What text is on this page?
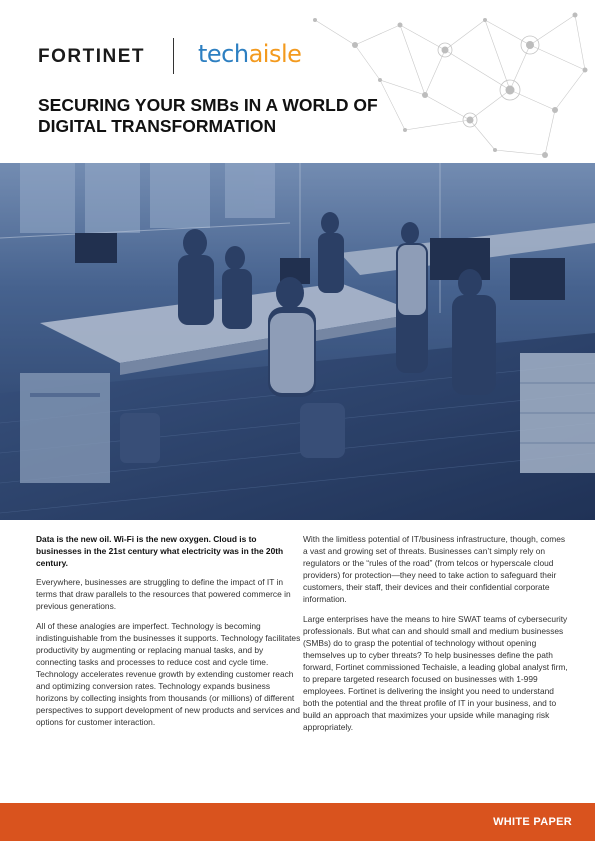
FORTINET techaisle
SECURING YOUR SMBs IN A WORLD OF
DIGITAL TRANSFORMATION

Data is the new oil. Wi-Fi is the new oxygen. Cloud is to businesses in the 21st century what electricity was in the 20th century.

Everywhere, businesses are struggling to define the impact of IT in terms that draw parallels to the resources that powered commerce in previous generations.

All of these analogies are imperfect. Technology is becoming indistinguishable from the businesses it supports. Technology facilitates productivity by augmenting or replacing manual tasks, and by connecting tasks and processes to reduce cost and cycle time. Technology accelerates revenue growth by extending customer reach and optimizing conversion rates. Technology expands business horizons by collecting insights from thousands (or millions) of different perspectives to support development of new products and services and options for customer interaction.

With the limitless potential of IT/business infrastructure, though, comes a vast and growing set of threats. Businesses can’t simply rely on regulators or the “rules of the road” (from telcos or hyperscale cloud providers) for protection—they need to take action to safeguard their customers, their staff, their devices and their confidential corporate information.

Large enterprises have the means to hire SWAT teams of cybersecurity professionals. But what can and should small and medium businesses (SMBs) do to grasp the potential of technology without opening themselves up to cyber threats? To help businesses define the path forward, Fortinet commissioned Techaisle, a leading global analyst firm, to prepare targeted research focused on businesses with 1-999 employees. Fortinet is delivering the insight you need to understand both the potential and the threat profile of IT in your business, and to build an approach that maximizes your upside while managing risk appropriately.

WHITE PAPER
